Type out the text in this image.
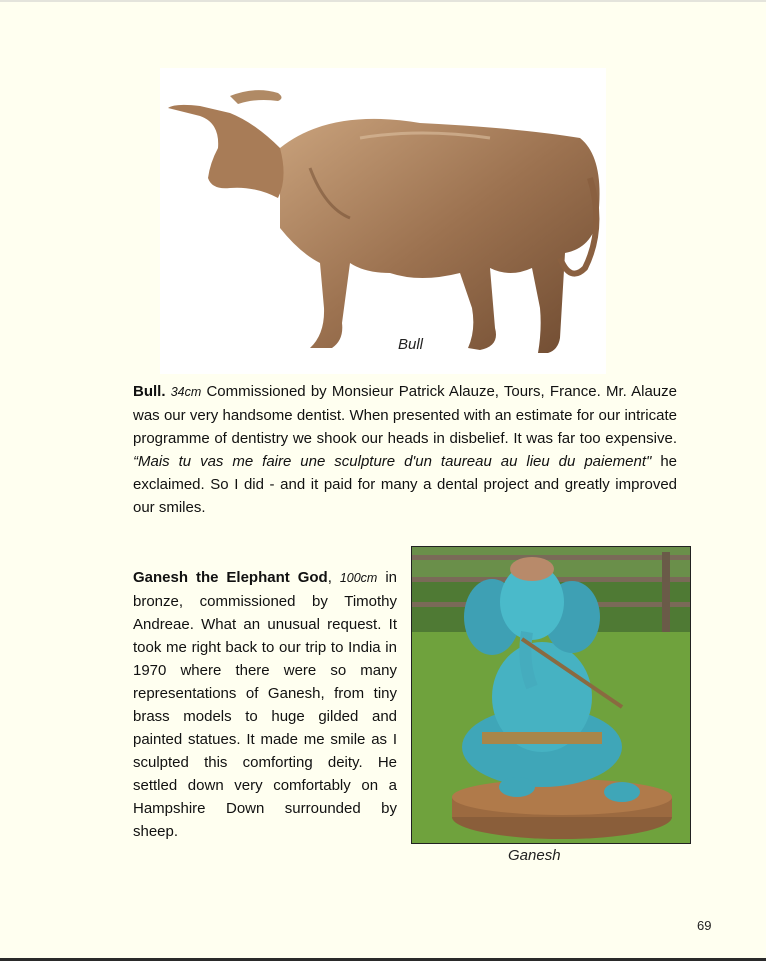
Bull
Bull. 34cm Commissioned by Monsieur Patrick Alauze, Tours, France. Mr. Alauze was our very handsome dentist. When presented with an estimate for our intricate programme of dentistry we shook our heads in disbelief. It was far too expensive. “Mais tu vas me faire une sculpture d'un taureau au lieu du paiement" he exclaimed. So I did - and it paid for many a dental project and greatly improved our smiles.
Ganesh the Elephant God, 100cm in bronze, commissioned by Timothy Andreae. What an unusual request. It took me right back to our trip to India in 1970 where there were so many representations of Ganesh, from tiny brass models to huge gilded and painted statues. It made me smile as I sculpted this comforting deity. He settled down very comfortably on a Hampshire Down surrounded by sheep.
Ganesh
69
